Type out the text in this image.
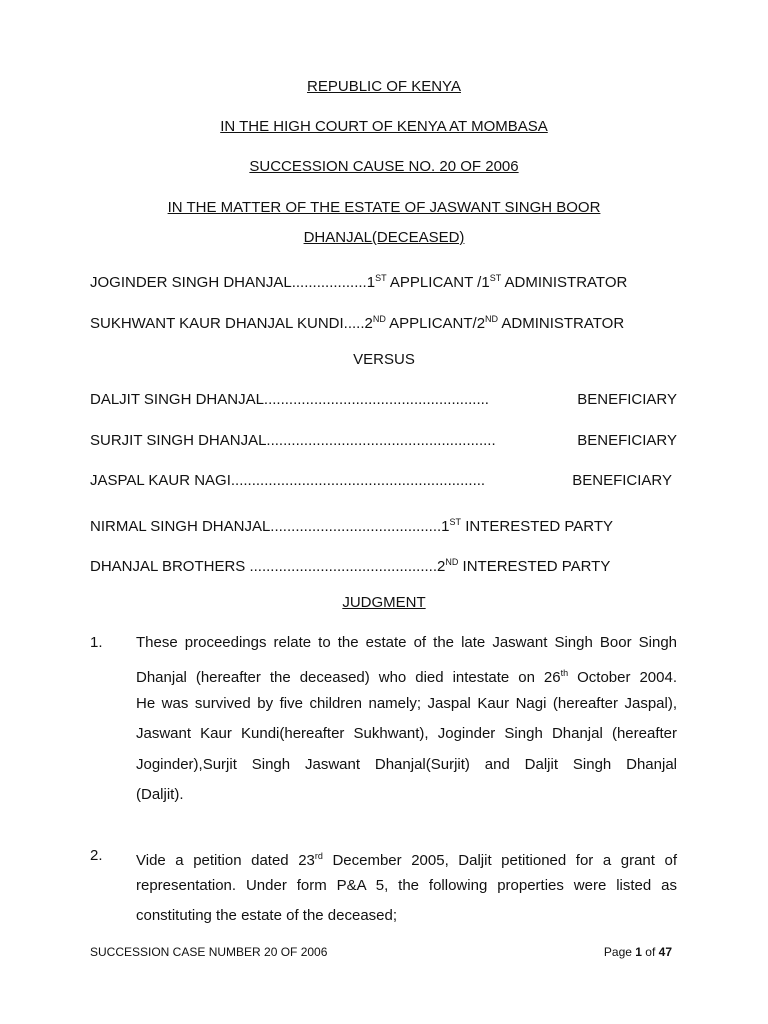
REPUBLIC OF KENYA
IN THE HIGH COURT OF KENYA AT MOMBASA
SUCCESSION CAUSE NO. 20 OF 2006
IN THE MATTER OF THE ESTATE OF JASWANT SINGH BOOR
DHANJAL(DECEASED)
JOGINDER SINGH DHANJAL..................1ST APPLICANT /1ST ADMINISTRATOR
SUKHWANT KAUR DHANJAL KUNDI.....2ND APPLICANT/2ND ADMINISTRATOR
VERSUS
DALJIT SINGH DHANJAL......................................................	BENEFICIARY
SURJIT SINGH DHANJAL.......................................................	BENEFICIARY
JASPAL KAUR NAGI.............................................................	BENEFICIARY
NIRMAL SINGH DHANJAL.........................................1ST INTERESTED PARTY
DHANJAL BROTHERS .............................................2ND INTERESTED PARTY
JUDGMENT
1. These proceedings relate to the estate of the late Jaswant Singh Boor Singh
Dhanjal (hereafter the deceased) who died intestate on 26th October 2004.
He was survived by five children namely; Jaspal Kaur Nagi (hereafter Jaspal),
Jaswant Kaur Kundi(hereafter Sukhwant), Joginder Singh Dhanjal (hereafter
Joginder),Surjit Singh Jaswant Dhanjal(Surjit) and Daljit Singh Dhanjal
(Daljit).
2. Vide a petition dated 23rd December 2005, Daljit petitioned for a grant of
representation. Under form P&A 5, the following properties were listed as
constituting the estate of the deceased;
SUCCESSION CASE NUMBER 20 OF 2006	Page 1 of 47
